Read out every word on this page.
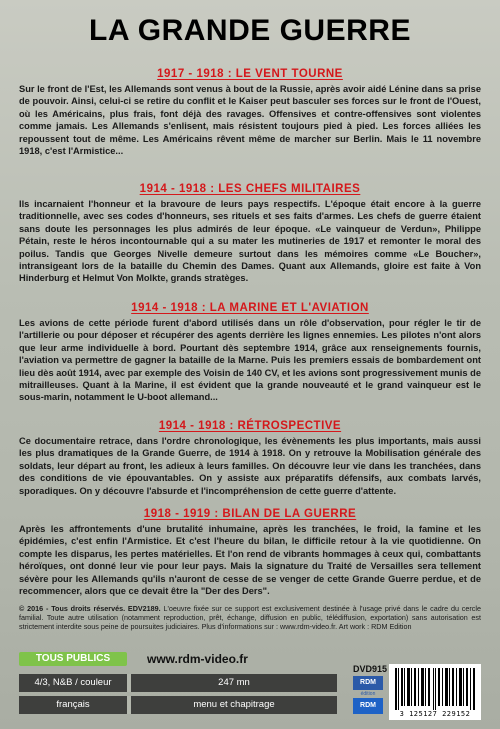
LA GRANDE GUERRE
1917 - 1918 : LE VENT TOURNE

Sur le front de l'Est, les Allemands sont venus à bout de la Russie, après avoir aidé Lénine dans sa prise de pouvoir. Ainsi, celui-ci se retire du conflit et le Kaiser peut basculer ses forces sur le front de l'Ouest, où les Américains, plus frais, font déjà des ravages. Offensives et contre-offensives sont violentes comme jamais. Les Allemands s'enlisent, mais résistent toujours pied à pied. Les forces alliées les repoussent tout de même. Les Américains rêvent même de marcher sur Berlin. Mais le 11 novembre 1918, c'est l'Armistice...

1914 - 1918 : LES CHEFS MILITAIRES

Ils incarnaient l'honneur et la bravoure de leurs pays respectifs. L'époque était encore à la guerre traditionnelle, avec ses codes d'honneurs, ses rituels et ses faits d'armes. Les chefs de guerre étaient sans doute les personnages les plus admirés de leur époque. «Le vainqueur de Verdun», Philippe Pétain, reste le héros incontournable qui a su mater les mutineries de 1917 et remonter le moral des poilus. Tandis que Georges Nivelle demeure surtout dans les mémoires comme «Le Boucher», intransigeant lors de la bataille du Chemin des Dames. Quant aux Allemands, gloire est faite à Von Hinderburg et Helmut Von Molkte, grands stratèges.

1914 - 1918 : LA MARINE ET L'AVIATION

Les avions de cette période furent d'abord utilisés dans un rôle d'observation, pour régler le tir de l'artillerie ou pour déposer et récupérer des agents derrière les lignes ennemies. Les pilotes n'ont alors que leur arme individuelle à bord. Pourtant dès septembre 1914, grâce aux renseignements fournis, l'aviation va permettre de gagner la bataille de la Marne. Puis les premiers essais de bombardement ont lieu dès août 1914, avec par exemple des Voisin de 140 CV, et les avions sont progressivement munis de mitrailleuses. Quant à la Marine, il est évident que la grande nouveauté et le grand vainqueur est le sous-marin, notamment le U-boot allemand...

1914 - 1918 : RÉTROSPECTIVE

Ce documentaire retrace, dans l'ordre chronologique, les évènements les plus importants, mais aussi les plus dramatiques de la Grande Guerre, de 1914 à 1918. On y retrouve la Mobilisation générale des soldats, leur départ au front, les adieux à leurs familles. On découvre leur vie dans les tranchées, dans des conditions de vie épouvantables. On y assiste aux préparatifs défensifs, aux combats larvés, sporadiques. On y découvre l'absurde et l'incompréhension de cette guerre d'attente.

1918 - 1919 : BILAN DE LA GUERRE

Après les affrontements d'une brutalité inhumaine, après les tranchées, le froid, la famine et les épidémies, c'est enfin l'Armistice. Et c'est l'heure du bilan, le difficile retour à la vie quotidienne. On compte les disparus, les pertes matérielles. Et l'on rend de vibrants hommages à ceux qui, combattants héroïques, ont donné leur vie pour leur pays. Mais la signature du Traité de Versailles sera tellement sévère pour les Allemands qu'ils n'auront de cesse de se venger de cette Grande Guerre perdue, et de recommencer, alors que ce devait être la "Der des Ders".

© 2016 - Tous droits réservés. EDV2189. L'oeuvre fixée sur ce support est exclusivement destinée à l'usage privé dans le cadre du cercle familial. Toute autre utilisation (notamment reproduction, prêt, échange, diffusion en public, télédiffusion, exportation) sans autorisation est strictement interdite sous peine de poursuites judiciaires. Plus d'informations sur : www.rdm-video.fr. Art work : RDM Edition
TOUS PUBLICS	www.rdm-video.fr
4/3, N&B / couleur	247 mn
français	menu et chapitrage
DVD915
RDM
édition
RDM
3 125127 229152
